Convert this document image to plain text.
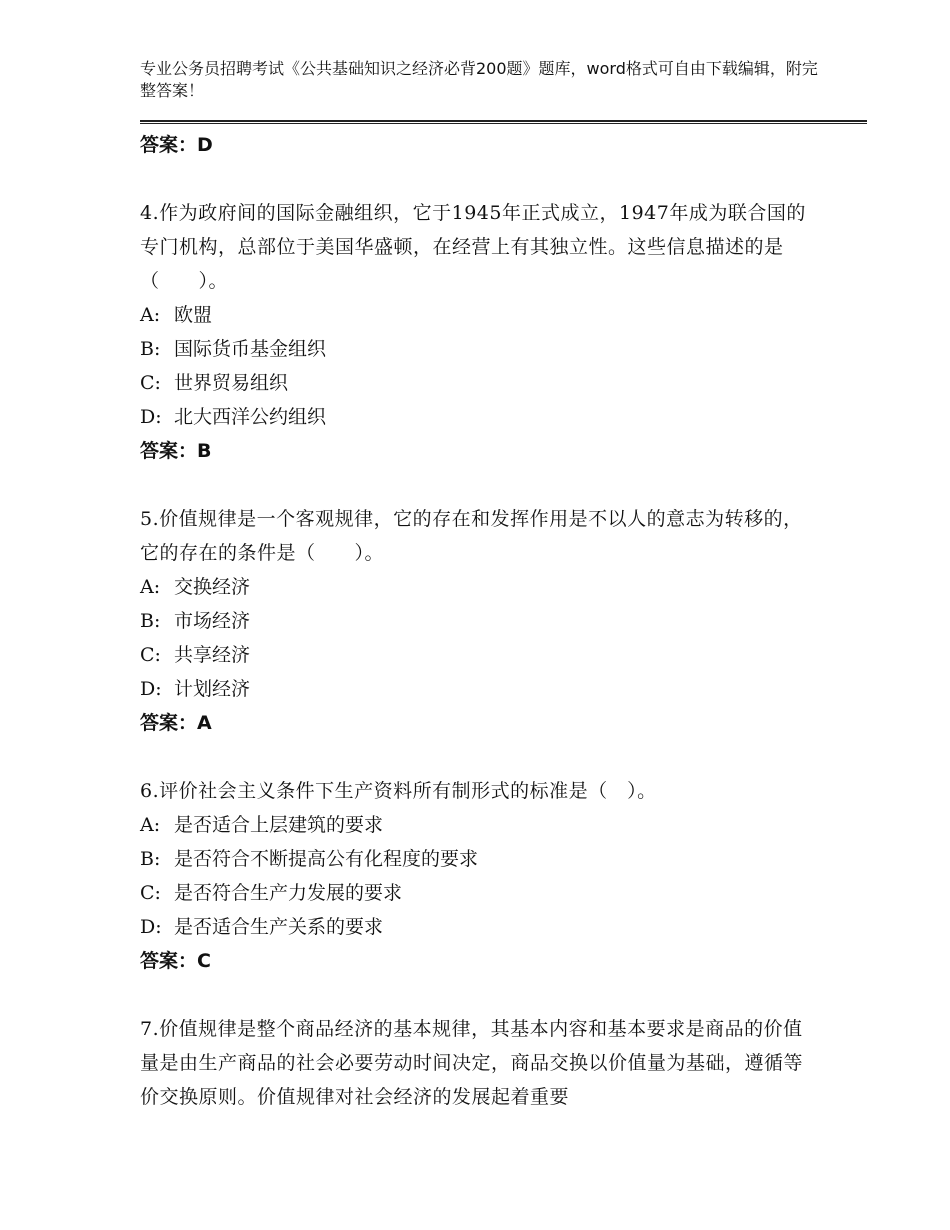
专业公务员招聘考试《公共基础知识之经济必背200题》题库，word格式可自由下载编辑，附完整答案！

答案：D

4.作为政府间的国际金融组织，它于1945年正式成立，1947年成为联合国的专门机构，总部位于美国华盛顿，在经营上有其独立性。这些信息描述的是（　　）。

A: 欧盟

B: 国际货币基金组织

C: 世界贸易组织

D: 北大西洋公约组织

答案：B

5.价值规律是一个客观规律，它的存在和发挥作用是不以人的意志为转移的，它的存在的条件是（　　）。

A: 交换经济

B: 市场经济

C: 共享经济

D: 计划经济

答案：A

6.评价社会主义条件下生产资料所有制形式的标准是（　）。

A: 是否适合上层建筑的要求

B: 是否符合不断提高公有化程度的要求

C: 是否符合生产力发展的要求

D: 是否适合生产关系的要求

答案：C

7.价值规律是整个商品经济的基本规律，其基本内容和基本要求是商品的价值量是由生产商品的社会必要劳动时间决定，商品交换以价值量为基础，遵循等价交换原则。价值规律对社会经济的发展起着重要
